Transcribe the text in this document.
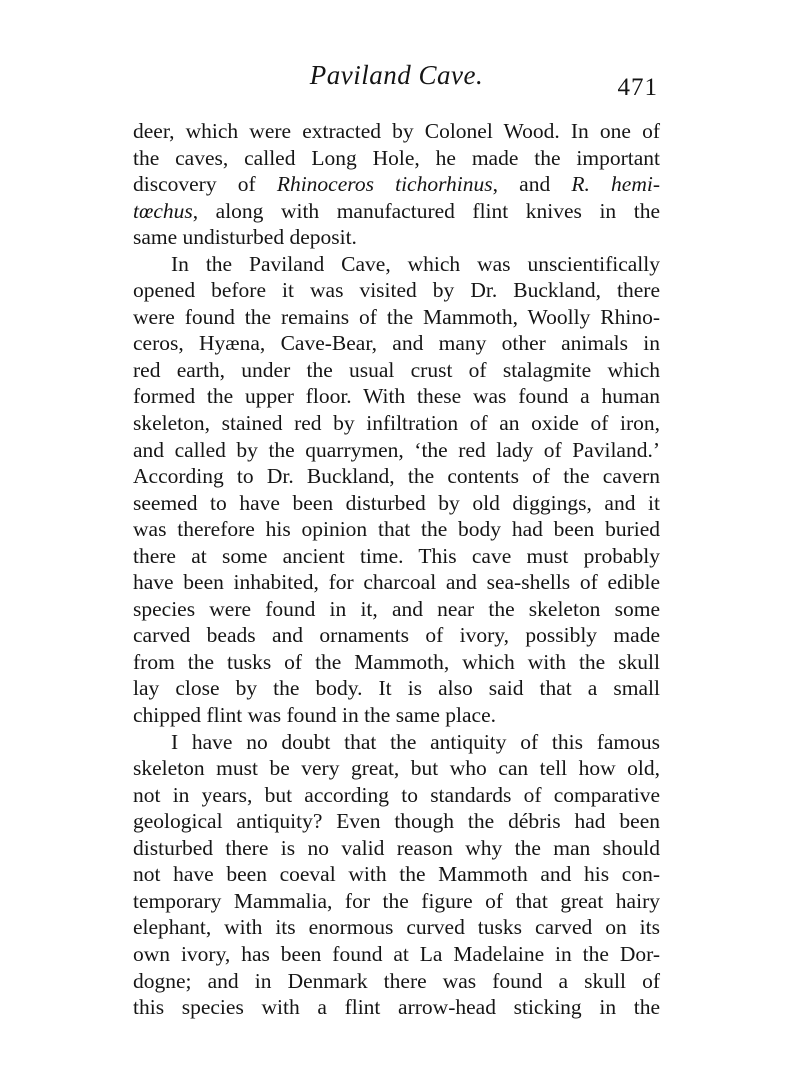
Paviland Cave.	471
deer, which were extracted by Colonel Wood. In one of
the caves, called Long Hole, he made the important
discovery of Rhinoceros tichorhinus, and R. hemi-
tœchus, along with manufactured flint knives in the
same undisturbed deposit.
In the Paviland Cave, which was unscientifically
opened before it was visited by Dr. Buckland, there
were found the remains of the Mammoth, Woolly Rhino-
ceros, Hyæna, Cave-Bear, and many other animals in
red earth, under the usual crust of stalagmite which
formed the upper floor. With these was found a human
skeleton, stained red by infiltration of an oxide of iron,
and called by the quarrymen, ‘the red lady of Paviland.’
According to Dr. Buckland, the contents of the cavern
seemed to have been disturbed by old diggings, and it
was therefore his opinion that the body had been buried
there at some ancient time. This cave must probably
have been inhabited, for charcoal and sea-shells of edible
species were found in it, and near the skeleton some
carved beads and ornaments of ivory, possibly made
from the tusks of the Mammoth, which with the skull
lay close by the body. It is also said that a small
chipped flint was found in the same place.
I have no doubt that the antiquity of this famous
skeleton must be very great, but who can tell how old,
not in years, but according to standards of comparative
geological antiquity? Even though the débris had been
disturbed there is no valid reason why the man should
not have been coeval with the Mammoth and his con-
temporary Mammalia, for the figure of that great hairy
elephant, with its enormous curved tusks carved on its
own ivory, has been found at La Madelaine in the Dor-
dogne; and in Denmark there was found a skull of
this species with a flint arrow-head sticking in the
